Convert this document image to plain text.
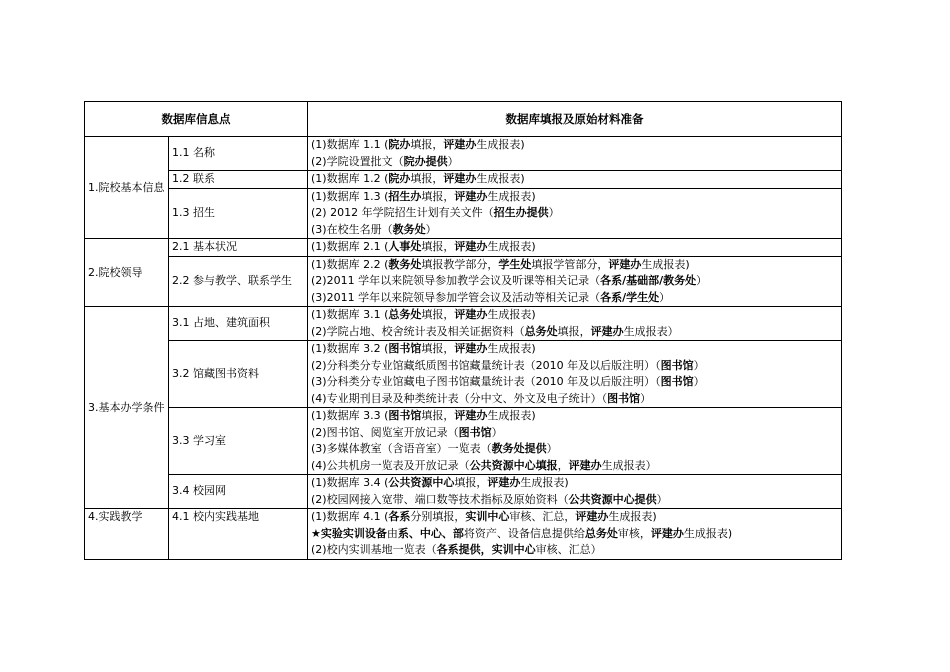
数据库信息点		数据库填报及原始材料准备
1.院校基本信息	1.1 名称	(1)数据库 1.1 (院办填报，评建办生成报表)
(2)学院设置批文（院办提供）

	1.2 联系	(1)数据库 1.2 (院办填报，评建办生成报表)

	1.3 招生	(1)数据库 1.3 (招生办填报，评建办生成报表)
(2) 2012 年学院招生计划有关文件（招生办提供）
(3)在校生名册（教务处）

2.院校领导	2.1 基本状况	(1)数据库 2.1 (人事处填报，评建办生成报表)

	2.2 参与教学、联系学生	(1)数据库 2.2 (教务处填报教学部分，学生处填报学管部分，评建办生成报表)
(2)2011 学年以来院领导参加教学会议及听课等相关记录（各系/基础部/教务处）
(3)2011 学年以来院领导参加学管会议及活动等相关记录（各系/学生处）

3.基本办学条件	3.1 占地、建筑面积	(1)数据库 3.1 (总务处填报，评建办生成报表)
(2)学院占地、校舍统计表及相关证据资料（总务处填报，评建办生成报表）

	3.2 馆藏图书资料	(1)数据库 3.2 (图书馆填报，评建办生成报表)
(2)分科类分专业馆藏纸质图书馆藏量统计表（2010 年及以后版注明）（图书馆）
(3)分科类分专业馆藏电子图书馆藏量统计表（2010 年及以后版注明）（图书馆）
(4)专业期刊目录及种类统计表（分中文、外文及电子统计）（图书馆）

	3.3 学习室	(1)数据库 3.3 (图书馆填报，评建办生成报表)
(2)图书馆、阅览室开放记录（图书馆）
(3)多媒体教室（含语音室）一览表（教务处提供）
(4)公共机房一览表及开放记录（公共资源中心填报，评建办生成报表）

	3.4 校园网	(1)数据库 3.4 (公共资源中心填报，评建办生成报表)
(2)校园网接入宽带、端口数等技术指标及原始资料（公共资源中心提供）

4.实践教学	4.1 校内实践基地	(1)数据库 4.1 (各系分别填报，实训中心审核、汇总，评建办生成报表)
★实验实训设备由系、中心、部将资产、设备信息提供给总务处审核，评建办生成报表)
(2)校内实训基地一览表（各系提供，实训中心审核、汇总）
